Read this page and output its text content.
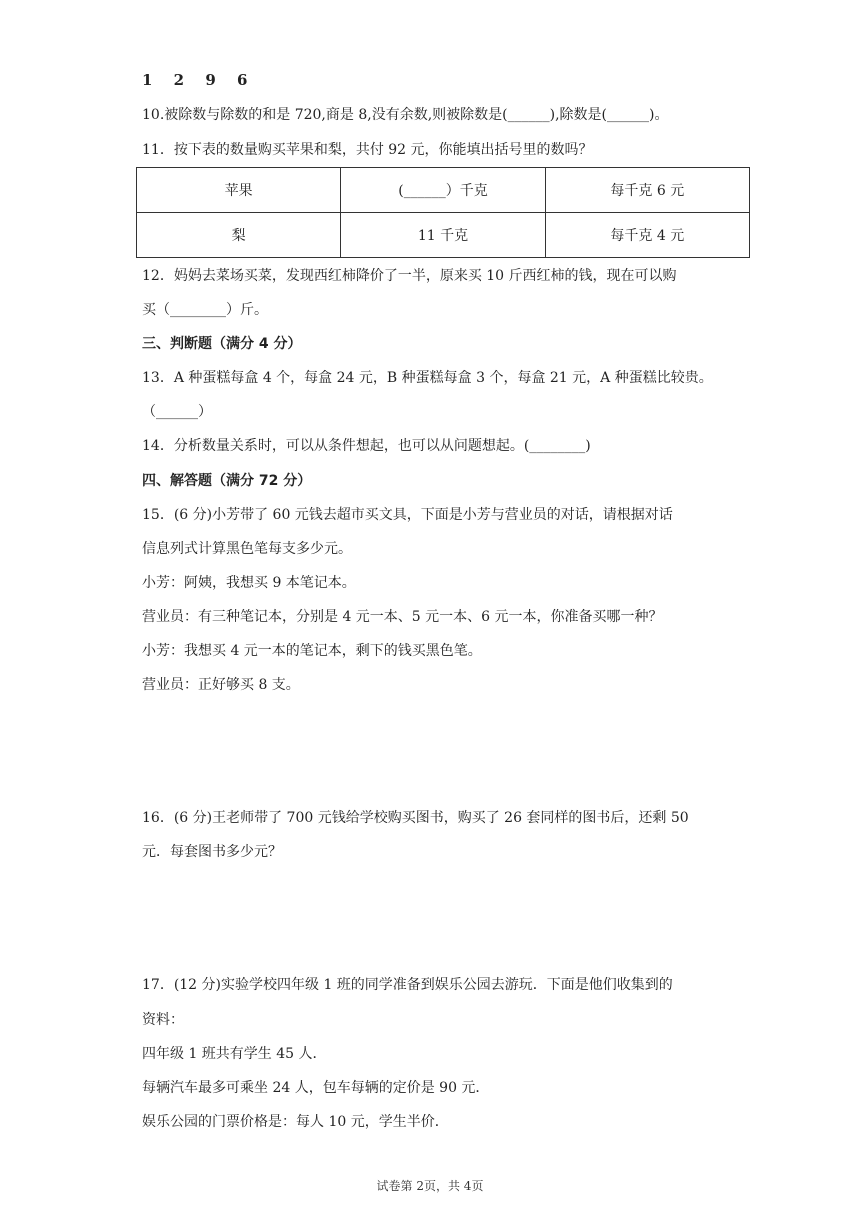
1 2 9 6
10.被除数与除数的和是 720,商是 8,没有余数,则被除数是(______),除数是(______)。
11．按下表的数量购买苹果和梨，共付 92 元，你能填出括号里的数吗？
苹果	(______）千克	每千克 6 元
梨	11 千克	每千克 4 元
12．妈妈去菜场买菜，发现西红柿降价了一半，原来买 10 斤西红柿的钱，现在可以购
买（________）斤。
三、判断题（满分 4 分）
13．A 种蛋糕每盒 4 个，每盒 24 元，B 种蛋糕每盒 3 个，每盒 21 元，A 种蛋糕比较贵。
（______）
14．分析数量关系时，可以从条件想起，也可以从问题想起。(________)
四、解答题（满分 72 分）
15．(6 分)小芳带了 60 元钱去超市买文具，下面是小芳与营业员的对话，请根据对话
信息列式计算黑色笔每支多少元。
小芳：阿姨，我想买 9 本笔记本。
营业员：有三种笔记本，分别是 4 元一本、5 元一本、6 元一本，你准备买哪一种？
小芳：我想买 4 元一本的笔记本，剩下的钱买黑色笔。
营业员：正好够买 8 支。
16．(6 分)王老师带了 700 元钱给学校购买图书，购买了 26 套同样的图书后，还剩 50
元．每套图书多少元？
17．(12 分)实验学校四年级 1 班的同学准备到娱乐公园去游玩．下面是他们收集到的
资料：
四年级 1 班共有学生 45 人．
每辆汽车最多可乘坐 24 人，包车每辆的定价是 90 元．
娱乐公园的门票价格是：每人 10 元，学生半价．
试卷第 2页，共 4页
